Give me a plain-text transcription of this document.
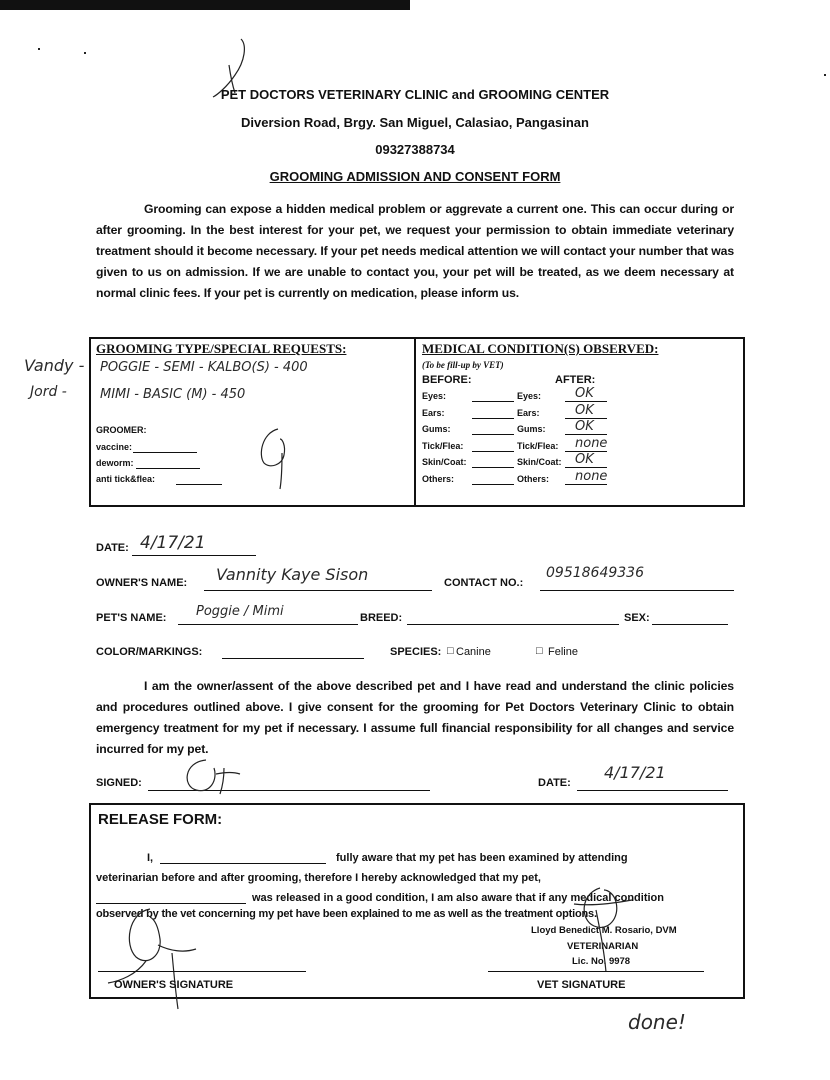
PET DOCTORS VETERINARY CLINIC and GROOMING CENTER
Diversion Road, Brgy. San Miguel, Calasiao, Pangasinan
09327388734
GROOMING ADMISSION AND CONSENT FORM
Grooming can expose a hidden medical problem or aggrevate a current one. This can occur during or after grooming. In the best interest for your pet, we request your permission to obtain immediate veterinary treatment should it become necessary. If your pet needs medical attention we will contact your number that was given to us on admission. If we are unable to contact you, your pet will be treated, as we deem necessary at normal clinic fees. If your pet is currently on medication, please inform us.
Vandy -
Jord -
GROOMING TYPE/SPECIAL REQUESTS:
POGGIE - SEMI - KALBO(S) - 400
MIMI - BASIC (M) - 450
GROOMER:
vaccine:
deworm:
anti tick&flea:
MEDICAL CONDITION(S) OBSERVED:
(To be fill-up by VET)
BEFORE:	AFTER:
Eyes:	Eyes:	OK
Ears:	Ears:	OK
Gums:	Gums: OK
Tick/Flea:	Tick/Flea: none
Skin/Coat:	Skin/Coat: OK
Others:	Others: none
DATE: 4/17/21
OWNER'S NAME: Vannity Kaye Sison	CONTACT NO.:
09518649336
PET'S NAME: Poggie / Mimi	BREED:	SEX:
COLOR/MARKINGS:	SPECIES: □ Canine	□ Feline
I am the owner/assent of the above described pet and I have read and understand the clinic policies and procedures outlined above. I give consent for the grooming for Pet Doctors Veterinary Clinic to obtain emergency treatment for my pet if necessary. I assume full financial responsibility for all changes and service incurred for my pet.
SIGNED:	DATE:
4/17/21
RELEASE FORM:
I,	fully aware that my pet has been examined by attending
veterinarian before and after grooming, therefore I hereby acknowledged that my pet,
was released in a good condition, I am also aware that if any medical condition
observed by the vet concerning my pet have been explained to me as well as the treatment options.
OWNER'S SIGNATURE
Lloyd Benedict M. Rosario, DVM
VETERINARIAN
Lic. No. 9978
VET SIGNATURE
done!
